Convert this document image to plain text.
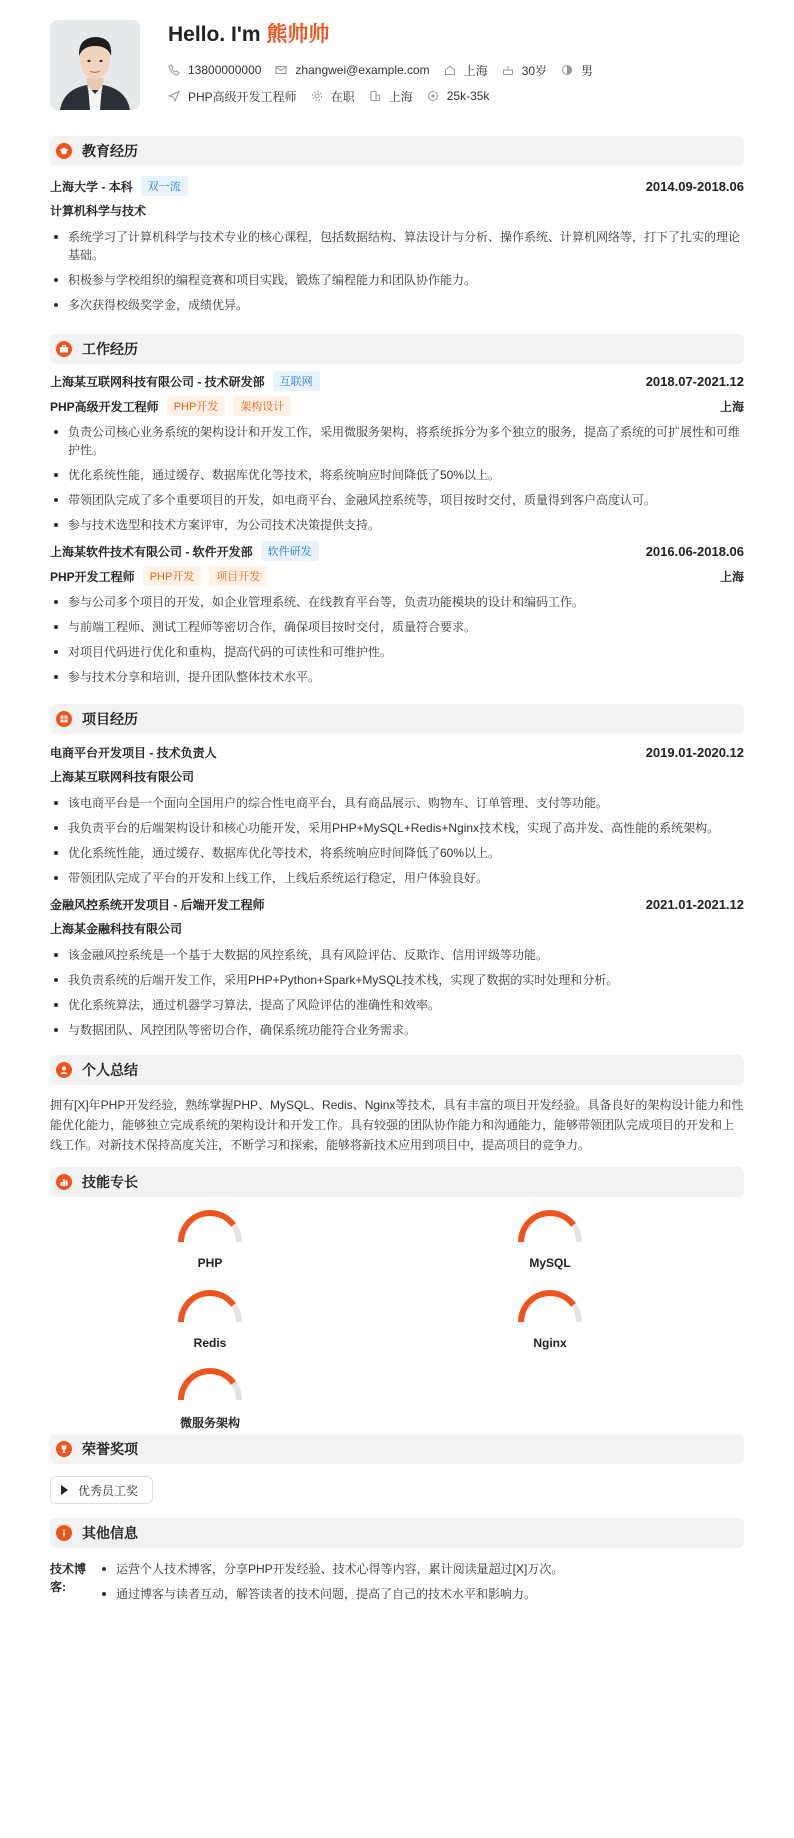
Hello. I'm 熊帅帅
13800000000	zhangwei@example.com	上海	30岁	男
PHP高级开发工程师	在职	上海	25k-35k
教育经历
上海大学 - 本科	双一流	2014.09-2018.06
计算机科学与技术
系统学习了计算机科学与技术专业的核心课程，包括数据结构、算法设计与分析、操作系统、计算机网络等，打下了扎实的理论基础。
积极参与学校组织的编程竞赛和项目实践，锻炼了编程能力和团队协作能力。
多次获得校级奖学金，成绩优异。
工作经历
上海某互联网科技有限公司 - 技术研发部	互联网	2018.07-2021.12
PHP高级开发工程师	PHP开发	架构设计	上海
负责公司核心业务系统的架构设计和开发工作，采用微服务架构，将系统拆分为多个独立的服务，提高了系统的可扩展性和可维护性。
优化系统性能，通过缓存、数据库优化等技术，将系统响应时间降低了50%以上。
带领团队完成了多个重要项目的开发，如电商平台、金融风控系统等，项目按时交付，质量得到客户高度认可。
参与技术选型和技术方案评审，为公司技术决策提供支持。
上海某软件技术有限公司 - 软件开发部	软件研发	2016.06-2018.06
PHP开发工程师	PHP开发	项目开发	上海
参与公司多个项目的开发，如企业管理系统、在线教育平台等，负责功能模块的设计和编码工作。
与前端工程师、测试工程师等密切合作，确保项目按时交付，质量符合要求。
对项目代码进行优化和重构，提高代码的可读性和可维护性。
参与技术分享和培训，提升团队整体技术水平。
项目经历
电商平台开发项目 - 技术负责人	2019.01-2020.12
上海某互联网科技有限公司
该电商平台是一个面向全国用户的综合性电商平台，具有商品展示、购物车、订单管理、支付等功能。
我负责平台的后端架构设计和核心功能开发，采用PHP+MySQL+Redis+Nginx技术栈，实现了高并发、高性能的系统架构。
优化系统性能，通过缓存、数据库优化等技术，将系统响应时间降低了60%以上。
带领团队完成了平台的开发和上线工作，上线后系统运行稳定，用户体验良好。
金融风控系统开发项目 - 后端开发工程师	2021.01-2021.12
上海某金融科技有限公司
该金融风控系统是一个基于大数据的风控系统，具有风险评估、反欺诈、信用评级等功能。
我负责系统的后端开发工作，采用PHP+Python+Spark+MySQL技术栈，实现了数据的实时处理和分析。
优化系统算法，通过机器学习算法，提高了风险评估的准确性和效率。
与数据团队、风控团队等密切合作，确保系统功能符合业务需求。
个人总结
拥有[X]年PHP开发经验，熟练掌握PHP、MySQL、Redis、Nginx等技术，具有丰富的项目开发经验。具备良好的架构设计能力和性能优化能力，能够独立完成系统的架构设计和开发工作。具有较强的团队协作能力和沟通能力，能够带领团队完成项目的开发和上线工作。对新技术保持高度关注，不断学习和探索，能够将新技术应用到项目中，提高项目的竞争力。
技能专长
PHP	MySQL
Redis	Nginx
微服务架构
荣誉奖项
优秀员工奖
其他信息
技术博客:
运营个人技术博客，分享PHP开发经验、技术心得等内容，累计阅读量超过[X]万次。
通过博客与读者互动，解答读者的技术问题，提高了自己的技术水平和影响力。
